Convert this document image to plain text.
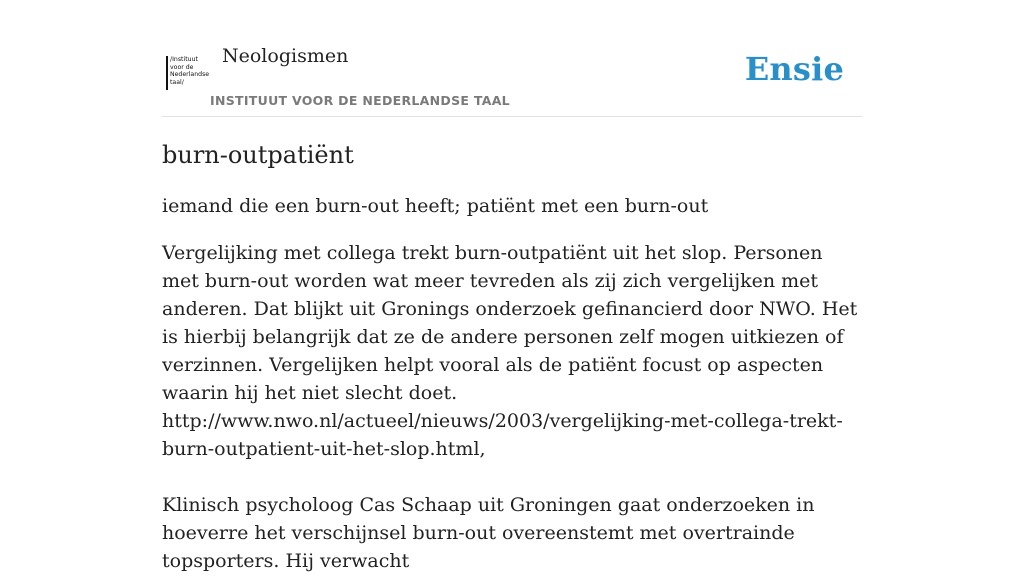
/Instituut
voor de
Nederlandse
taal/
Neologismen
INSTITUUT VOOR DE NEDERLANDSE TAAL
Ensie
burn-outpatiënt
iemand die een burn-out heeft; patiënt met een burn-out
Vergelijking met collega trekt burn-outpatiënt uit het slop. Personen met burn-out worden wat meer tevreden als zij zich vergelijken met anderen. Dat blijkt uit Gronings onderzoek gefinancierd door NWO. Het is hierbij belangrijk dat ze de andere personen zelf mogen uitkiezen of verzinnen. Vergelijken helpt vooral als de patiënt focust op aspecten waarin hij het niet slecht doet.
http://www.nwo.nl/actueel/nieuws/2003/vergelijking-met-collega-trekt-burn-outpatient-uit-het-slop.html,
Klinisch psycholoog Cas Schaap uit Groningen gaat onderzoeken in hoeverre het verschijnsel burn-out overeenstemt met overtrainde topsporters. Hij verwacht
